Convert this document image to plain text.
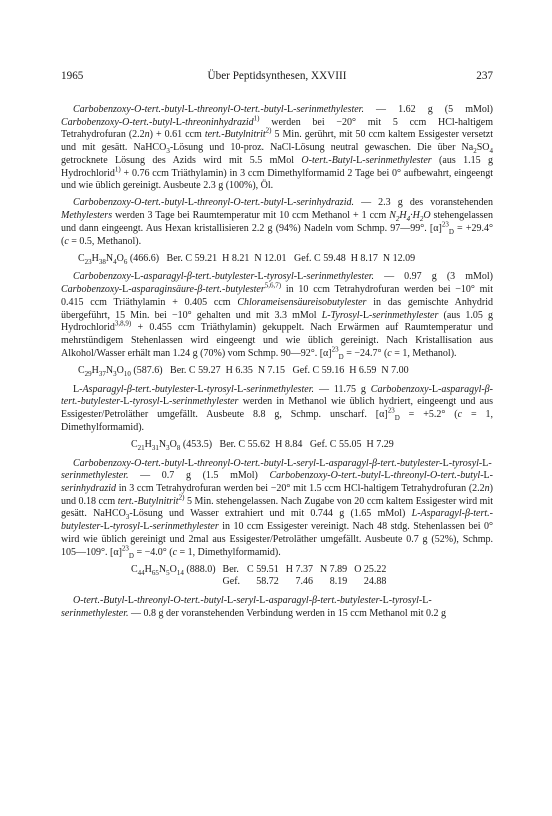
1965	Über Peptidsynthesen, XXVIII	237

Carbobenzoxy-O-tert.-butyl-L-threonyl-O-tert.-butyl-L-serinmethylester. — 1.62 g (5 mMol) Carbobenzoxy-O-tert.-butyl-L-threoninhydrazid$^{1)}$ werden bei −20° mit 5 ccm HCl-haltigem Tetrahydrofuran (2.2n) + 0.61 ccm tert.-Butylnitrit$^{2)}$ 5 Min. gerührt, mit 50 ccm kaltem Essigester versetzt und mit gesätt. NaHCO$_3$-Lösung und 10-proz. NaCl-Lösung neutral gewaschen. Die über $Na_2SO_4$ getrocknete Lösung des Azids wird mit 5.5 mMol O-tert.-Butyl-L-serinmethylester (aus 1.15 g Hydrochlorid$^{1)}$ + 0.76 ccm Triäthylamin) in 3 ccm Dimethylformamid 2 Tage bei 0° aufbewahrt, eingeengt und wie üblich gereinigt. Ausbeute 2.3 g (100%), Öl.

Carbobenzoxy-O-tert.-butyl-L-threonyl-O-tert.-butyl-L-serinhydrazid. — 2.3 g des voranstehenden Methylesters werden 3 Tage bei Raumtemperatur mit 10 ccm Methanol + 1 ccm $N_2H_4\cdot H_2O$ stehengelassen und dann eingeengt. Aus Hexan kristallisieren 2.2 g (94%) Nadeln vom Schmp. 97—99°. $[\alpha]^{23}_D = +29.4^\circ$ (c = 0.5, Methanol).

$C_{23}H_{38}N_4O_6$ (466.6)   Ber. C 59.21  H 8.21  N 12.01   Gef. C 59.48  H 8.17  N 12.09

Carbobenzoxy-L-asparagyl-β-tert.-butylester-L-tyrosyl-L-serinmethylester. — 0.97 g (3 mMol) Carbobenzoxy-L-asparaginsäure-β-tert.-butylester$^{5,6,7)}$ in 10 ccm Tetrahydrofuran werden bei −10° mit 0.415 ccm Triäthylamin + 0.405 ccm Chlorameisensäureisobutylester in das gemischte Anhydrid übergeführt, 15 Min. bei −10° gehalten und mit 3.3 mMol L-Tyrosyl-L-serinmethylester (aus 1.05 g Hydrochlorid$^{3,8,9)}$ + 0.455 ccm Triäthylamin) gekuppelt. Nach Erwärmen auf Raumtemperatur und mehrstündigem Stehenlassen wird eingeengt und wie üblich gereinigt. Nach Kristallisation aus Alkohol/Wasser erhält man 1.24 g (70%) vom Schmp. 90—92°. $[\alpha]^{23}_D = -24.7^\circ$ (c = 1, Methanol).

$C_{29}H_{37}N_3O_{10}$ (587.6)   Ber. C 59.27  H 6.35  N 7.15   Gef. C 59.16  H 6.59  N 7.00

L-Asparagyl-β-tert.-butylester-L-tyrosyl-L-serinmethylester. — 11.75 g Carbobenzoxy-L-asparagyl-β-tert.-butylester-L-tyrosyl-L-serinmethylester werden in Methanol wie üblich hydriert, eingeengt und aus Essigester/Petroläther umgefällt. Ausbeute 8.8 g, Schmp. unscharf. $[\alpha]^{23}_D = +5.2^\circ$ (c = 1, Dimethylformamid).

$C_{21}H_{31}N_3O_8$ (453.5)   Ber. C 55.62  H 8.84   Gef. C 55.05  H 7.29

Carbobenzoxy-O-tert.-butyl-L-threonyl-O-tert.-butyl-L-seryl-L-asparagyl-β-tert.-butylester-L-tyrosyl-L-serinmethylester. — 0.7 g (1.5 mMol) Carbobenzoxy-O-tert.-butyl-L-threonyl-O-tert.-butyl-L-serinhydrazid in 3 ccm Tetrahydrofuran werden bei −20° mit 1.5 ccm HCl-haltigem Tetrahydrofuran (2.2n) und 0.18 ccm tert.-Butylnitrit$^{2)}$ 5 Min. stehengelassen. Nach Zugabe von 20 ccm kaltem Essigester wird mit gesätt. NaHCO$_3$-Lösung und Wasser extrahiert und mit 0.744 g (1.65 mMol) L-Asparagyl-β-tert.-butylester-L-tyrosyl-L-serinmethylester in 10 ccm Essigester vereinigt. Nach 48 stdg. Stehenlassen bei 0° wird wie üblich gereinigt und 2mal aus Essigester/Petroläther umgefällt. Ausbeute 0.7 g (52%), Schmp. 105—109°. $[\alpha]^{23}_D = -4.0^\circ$ (c = 1, Dimethylformamid).

$C_{44}H_{65}N_5O_{14}$ (888.0)	Ber.	C 59.51	H 7.37	N 7.89	O 25.22
	Gef.	58.72	7.46	8.19	24.88

O-tert.-Butyl-L-threonyl-O-tert.-butyl-L-seryl-L-asparagyl-β-tert.-butylester-L-tyrosyl-L-serinmethylester. — 0.8 g der voranstehenden Verbindung werden in 15 ccm Methanol mit 0.2 g
